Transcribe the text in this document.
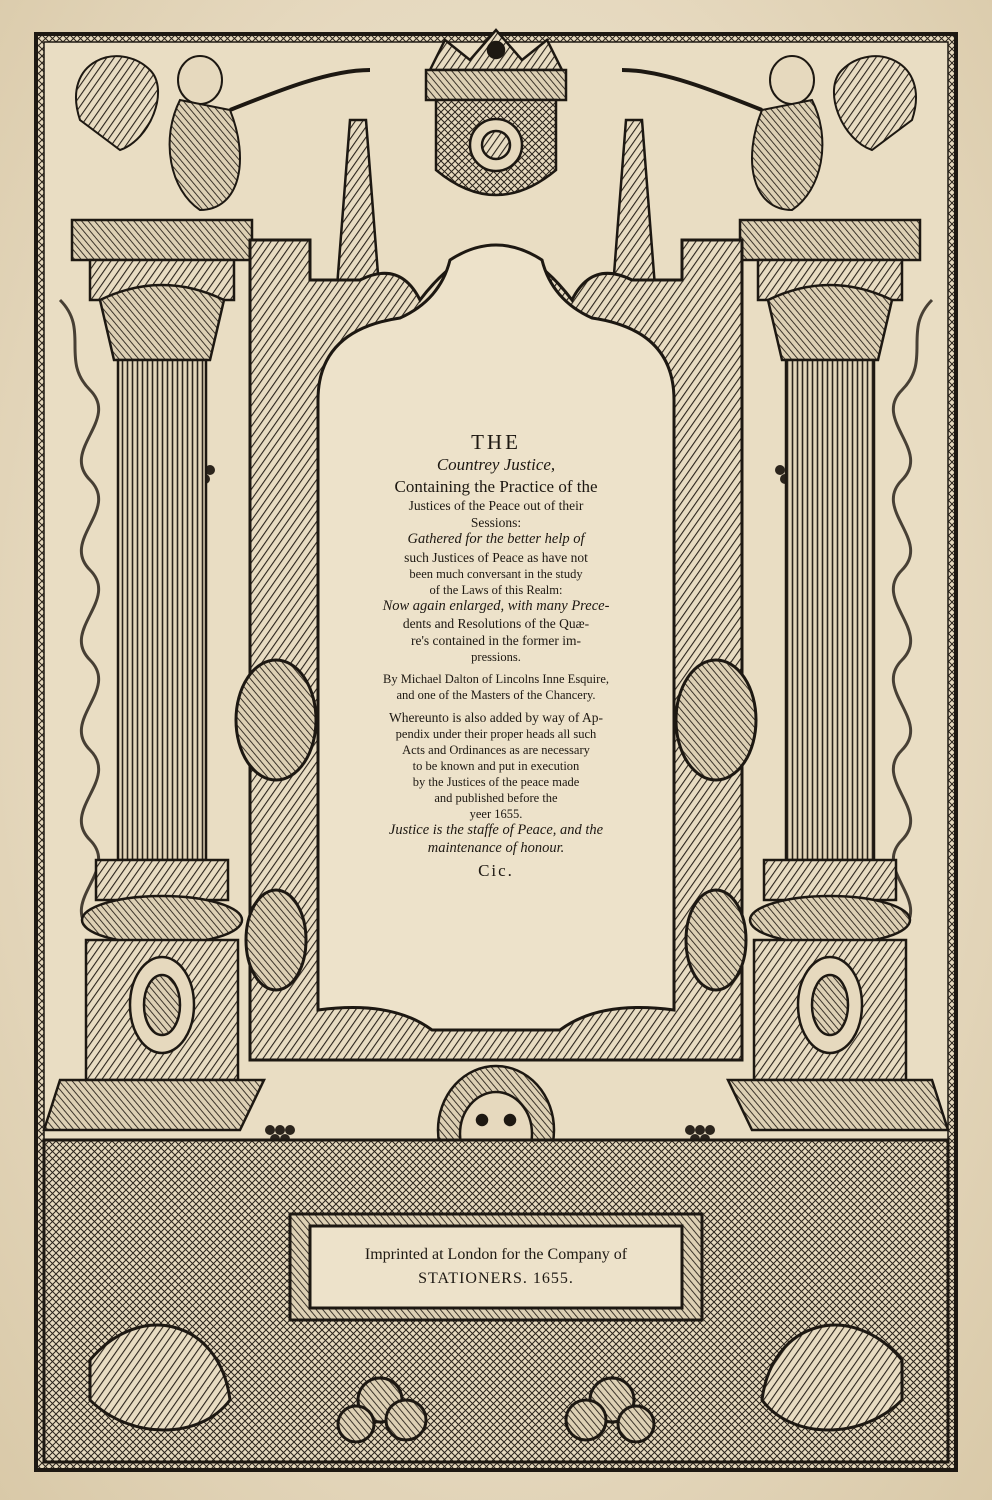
THE
Countrey Justice,
Containing the Practice of the
Justices of the Peace out of their
Sessions:
Gathered for the better help of
such Justices of Peace as have not
been much conversant in the study
of the Laws of this Realm:
Now again enlarged, with many Prece-
dents and Resolutions of the Quæ-
re's contained in the former im-
pressions.
By Michael Dalton of Lincolns Inne Esquire,
and one of the Masters of the Chancery.
Whereunto is also added by way of Ap-
pendix under their proper heads all such
Acts and Ordinances as are necessary
to be known and put in execution
by the Justices of the peace made
and published before the
yeer 1655.
Justice is the staffe of Peace, and the
maintenance of honour.
Cic.
Imprinted at London for the Company of
STATIONERS. 1655.
